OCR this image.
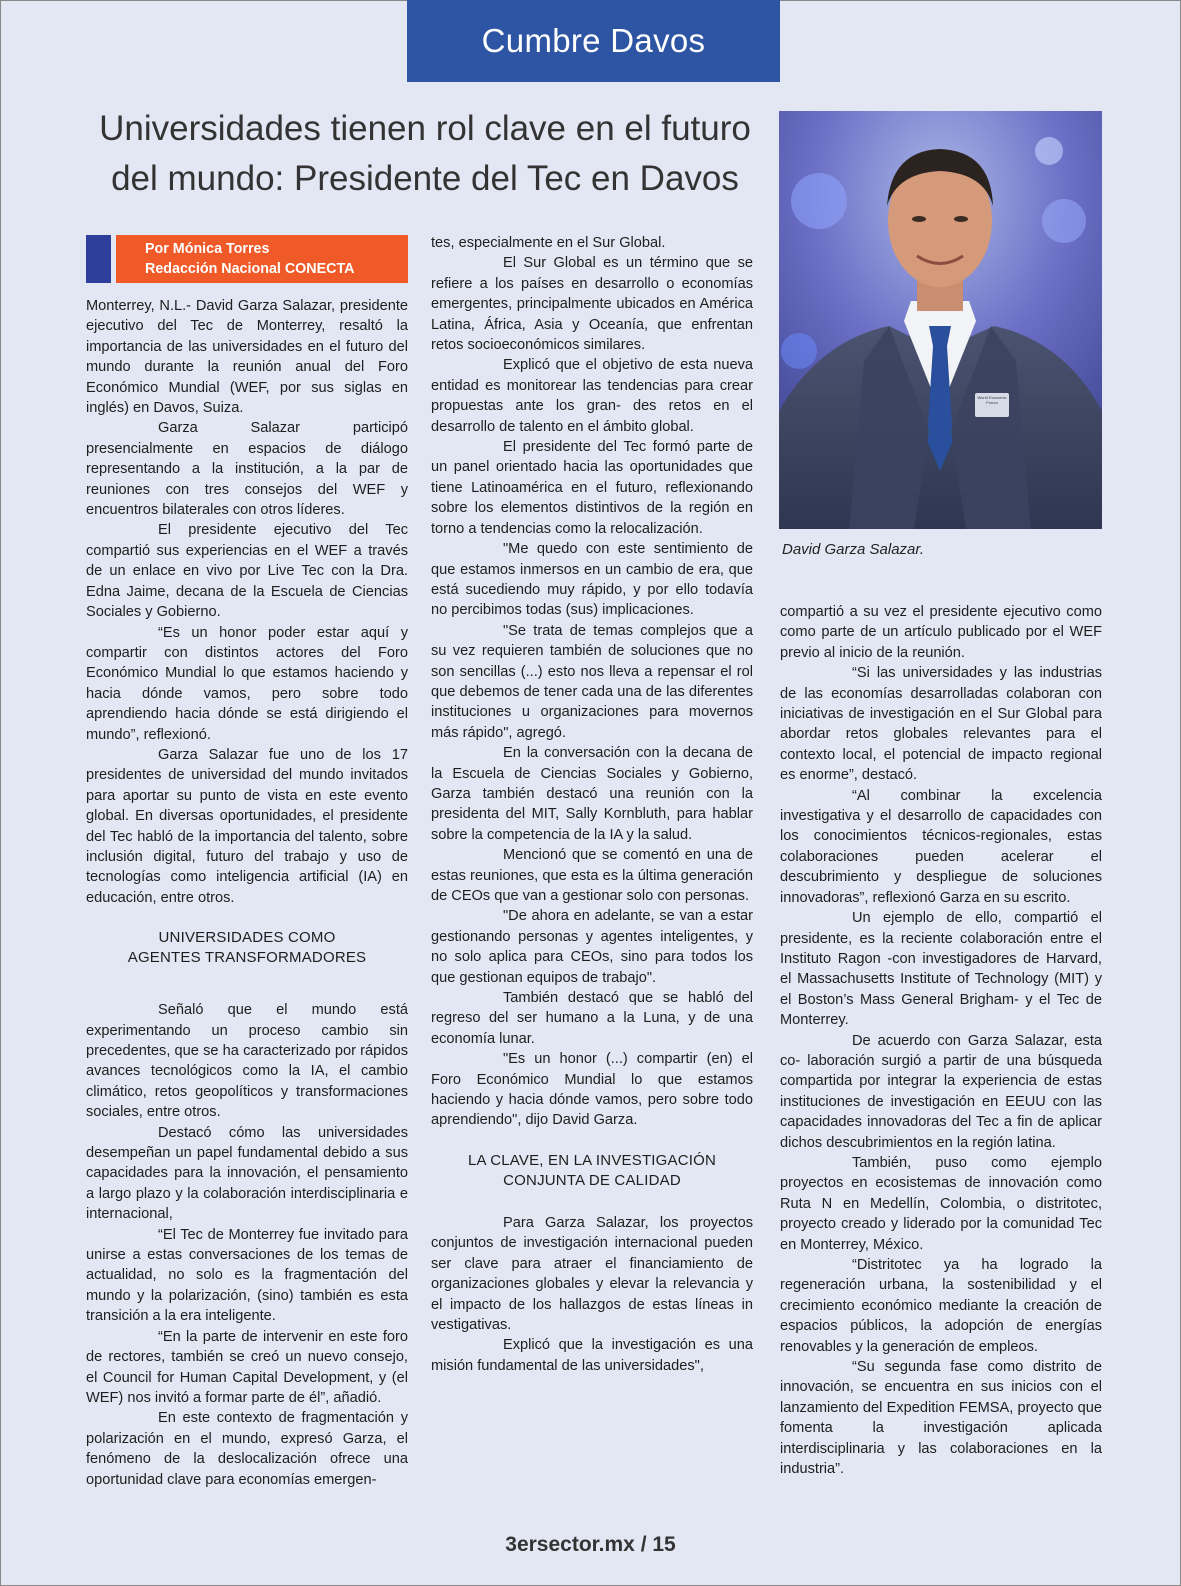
Cumbre Davos
Universidades tienen rol clave en el futuro del mundo: Presidente del Tec en Davos
Por Mónica Torres
Redacción Nacional CONECTA
World Economic Forum
David Garza Salazar.

Monterrey, N.L.- David Garza Salazar, presidente ejecutivo del Tec de Monterrey, resaltó la importancia de las universidades en el futuro del mundo durante la reunión anual del Foro Económico Mundial (WEF, por sus siglas en inglés) en Davos, Suiza.

Garza Salazar participó presencialmente en espacios de diálogo representando a la institución, a la par de reuniones con tres consejos del WEF y encuentros bilaterales con otros líderes.

El presidente ejecutivo del Tec compartió sus experiencias en el WEF a través de un enlace en vivo por Live Tec con la Dra. Edna Jaime, decana de la Escuela de Ciencias Sociales y Gobierno.

“Es un honor poder estar aquí y compartir con distintos actores del Foro Económico Mundial lo que estamos haciendo y hacia dónde vamos, pero sobre todo aprendiendo hacia dónde se está dirigiendo el mundo”, reflexionó.

Garza Salazar fue uno de los 17 presidentes de universidad del mundo invitados para aportar su punto de vista en este evento global. En diversas oportunidades, el presidente del Tec habló de la importancia del talento, sobre inclusión digital, futuro del trabajo y uso de tecnologías como inteligencia artificial (IA) en educación, entre otros.

UNIVERSIDADES COMO
AGENTES TRANSFORMADORES

Señaló que el mundo está experimentando un proceso cambio sin precedentes, que se ha caracterizado por rápidos avances tecnológicos como la IA, el cambio climático, retos geopolíticos y transformaciones sociales, entre otros.

Destacó cómo las universidades desempeñan un papel fundamental debido a sus capacidades para la innovación, el pensamiento a largo plazo y la colaboración interdisciplinaria e internacional,

“El Tec de Monterrey fue invitado para unirse a estas conversaciones de los temas de actualidad, no solo es la fragmentación del mundo y la polarización, (sino) también es esta transición a la era inteligente.

“En la parte de intervenir en este foro de rectores, también se creó un nuevo consejo, el Council for Human Capital Development, y (el WEF) nos invitó a formar parte de él”, añadió.

En este contexto de fragmentación y polarización en el mundo, expresó Garza, el fenómeno de la deslocalización ofrece una oportunidad clave para economías emergen-

tes, especialmente en el Sur Global.

El Sur Global es un término que se refiere a los países en desarrollo o economías emergentes, principalmente ubicados en América Latina, África, Asia y Oceanía, que enfrentan retos socioeconómicos similares.

Explicó que el objetivo de esta nueva entidad es monitorear las tendencias para crear propuestas ante los gran- des retos en el desarrollo de talento en el ámbito global.

El presidente del Tec formó parte de un panel orientado hacia las oportunidades que tiene Latinoamérica en el futuro, reflexionando sobre los elementos distintivos de la región en torno a tendencias como la relocalización.

"Me quedo con este sentimiento de que estamos inmersos en un cambio de era, que está sucediendo muy rápido, y por ello todavía no percibimos todas (sus) implicaciones.

"Se trata de temas complejos que a su vez requieren también de soluciones que no son sencillas (...) esto nos lleva a repensar el rol que debemos de tener cada una de las diferentes instituciones u organizaciones para movernos más rápido", agregó.

En la conversación con la decana de la Escuela de Ciencias Sociales y Gobierno, Garza también destacó una reunión con la presidenta del MIT, Sally Kornbluth, para hablar sobre la competencia de la IA y la salud.

Mencionó que se comentó en una de estas reuniones, que esta es la última generación de CEOs que van a gestionar solo con personas.

"De ahora en adelante, se van a estar gestionando personas y agentes inteligentes, y no solo aplica para CEOs, sino para todos los que gestionan equipos de trabajo".

También destacó que se habló del regreso del ser humano a la Luna, y de una economía lunar.

"Es un honor (...) compartir (en) el Foro Económico Mundial lo que estamos haciendo y hacia dónde vamos, pero sobre todo aprendiendo", dijo David Garza.

LA CLAVE, EN LA INVESTIGACIÓN
CONJUNTA DE CALIDAD

Para Garza Salazar, los proyectos conjuntos de investigación internacional pueden ser clave para atraer el financiamiento de organizaciones globales y elevar la relevancia y el impacto de los hallazgos de estas líneas in vestigativas.

Explicó que la investigación es una misión fundamental de las universidades",

compartió a su vez el presidente ejecutivo como como parte de un artículo publicado por el WEF previo al inicio de la reunión.

“Si las universidades y las industrias de las economías desarrolladas colaboran con iniciativas de investigación en el Sur Global para abordar retos globales relevantes para el contexto local, el potencial de impacto regional es enorme”, destacó.

“Al combinar la excelencia investigativa y el desarrollo de capacidades con los conocimientos técnicos-regionales, estas colaboraciones pueden acelerar el descubrimiento y despliegue de soluciones innovadoras”, reflexionó Garza en su escrito.

Un ejemplo de ello, compartió el presidente, es la reciente colaboración entre el Instituto Ragon -con investigadores de Harvard, el Massachusetts Institute of Technology (MIT) y el Boston’s Mass General Brigham- y el Tec de Monterrey.

De acuerdo con Garza Salazar, esta co- laboración surgió a partir de una búsqueda compartida por integrar la experiencia de estas instituciones de investigación en EEUU con las capacidades innovadoras del Tec a fin de aplicar dichos descubrimientos en la región latina.

También, puso como ejemplo proyectos en ecosistemas de innovación como Ruta N en Medellín, Colombia, o distritotec, proyecto creado y liderado por la comunidad Tec en Monterrey, México.

“Distritotec ya ha logrado la regeneración urbana, la sostenibilidad y el crecimiento económico mediante la creación de espacios públicos, la adopción de energías renovables y la generación de empleos.

“Su segunda fase como distrito de innovación, se encuentra en sus inicios con el lanzamiento del Expedition FEMSA, proyecto que fomenta la investigación aplicada interdisciplinaria y las colaboraciones en la industria”.

3ersector.mx / 15
